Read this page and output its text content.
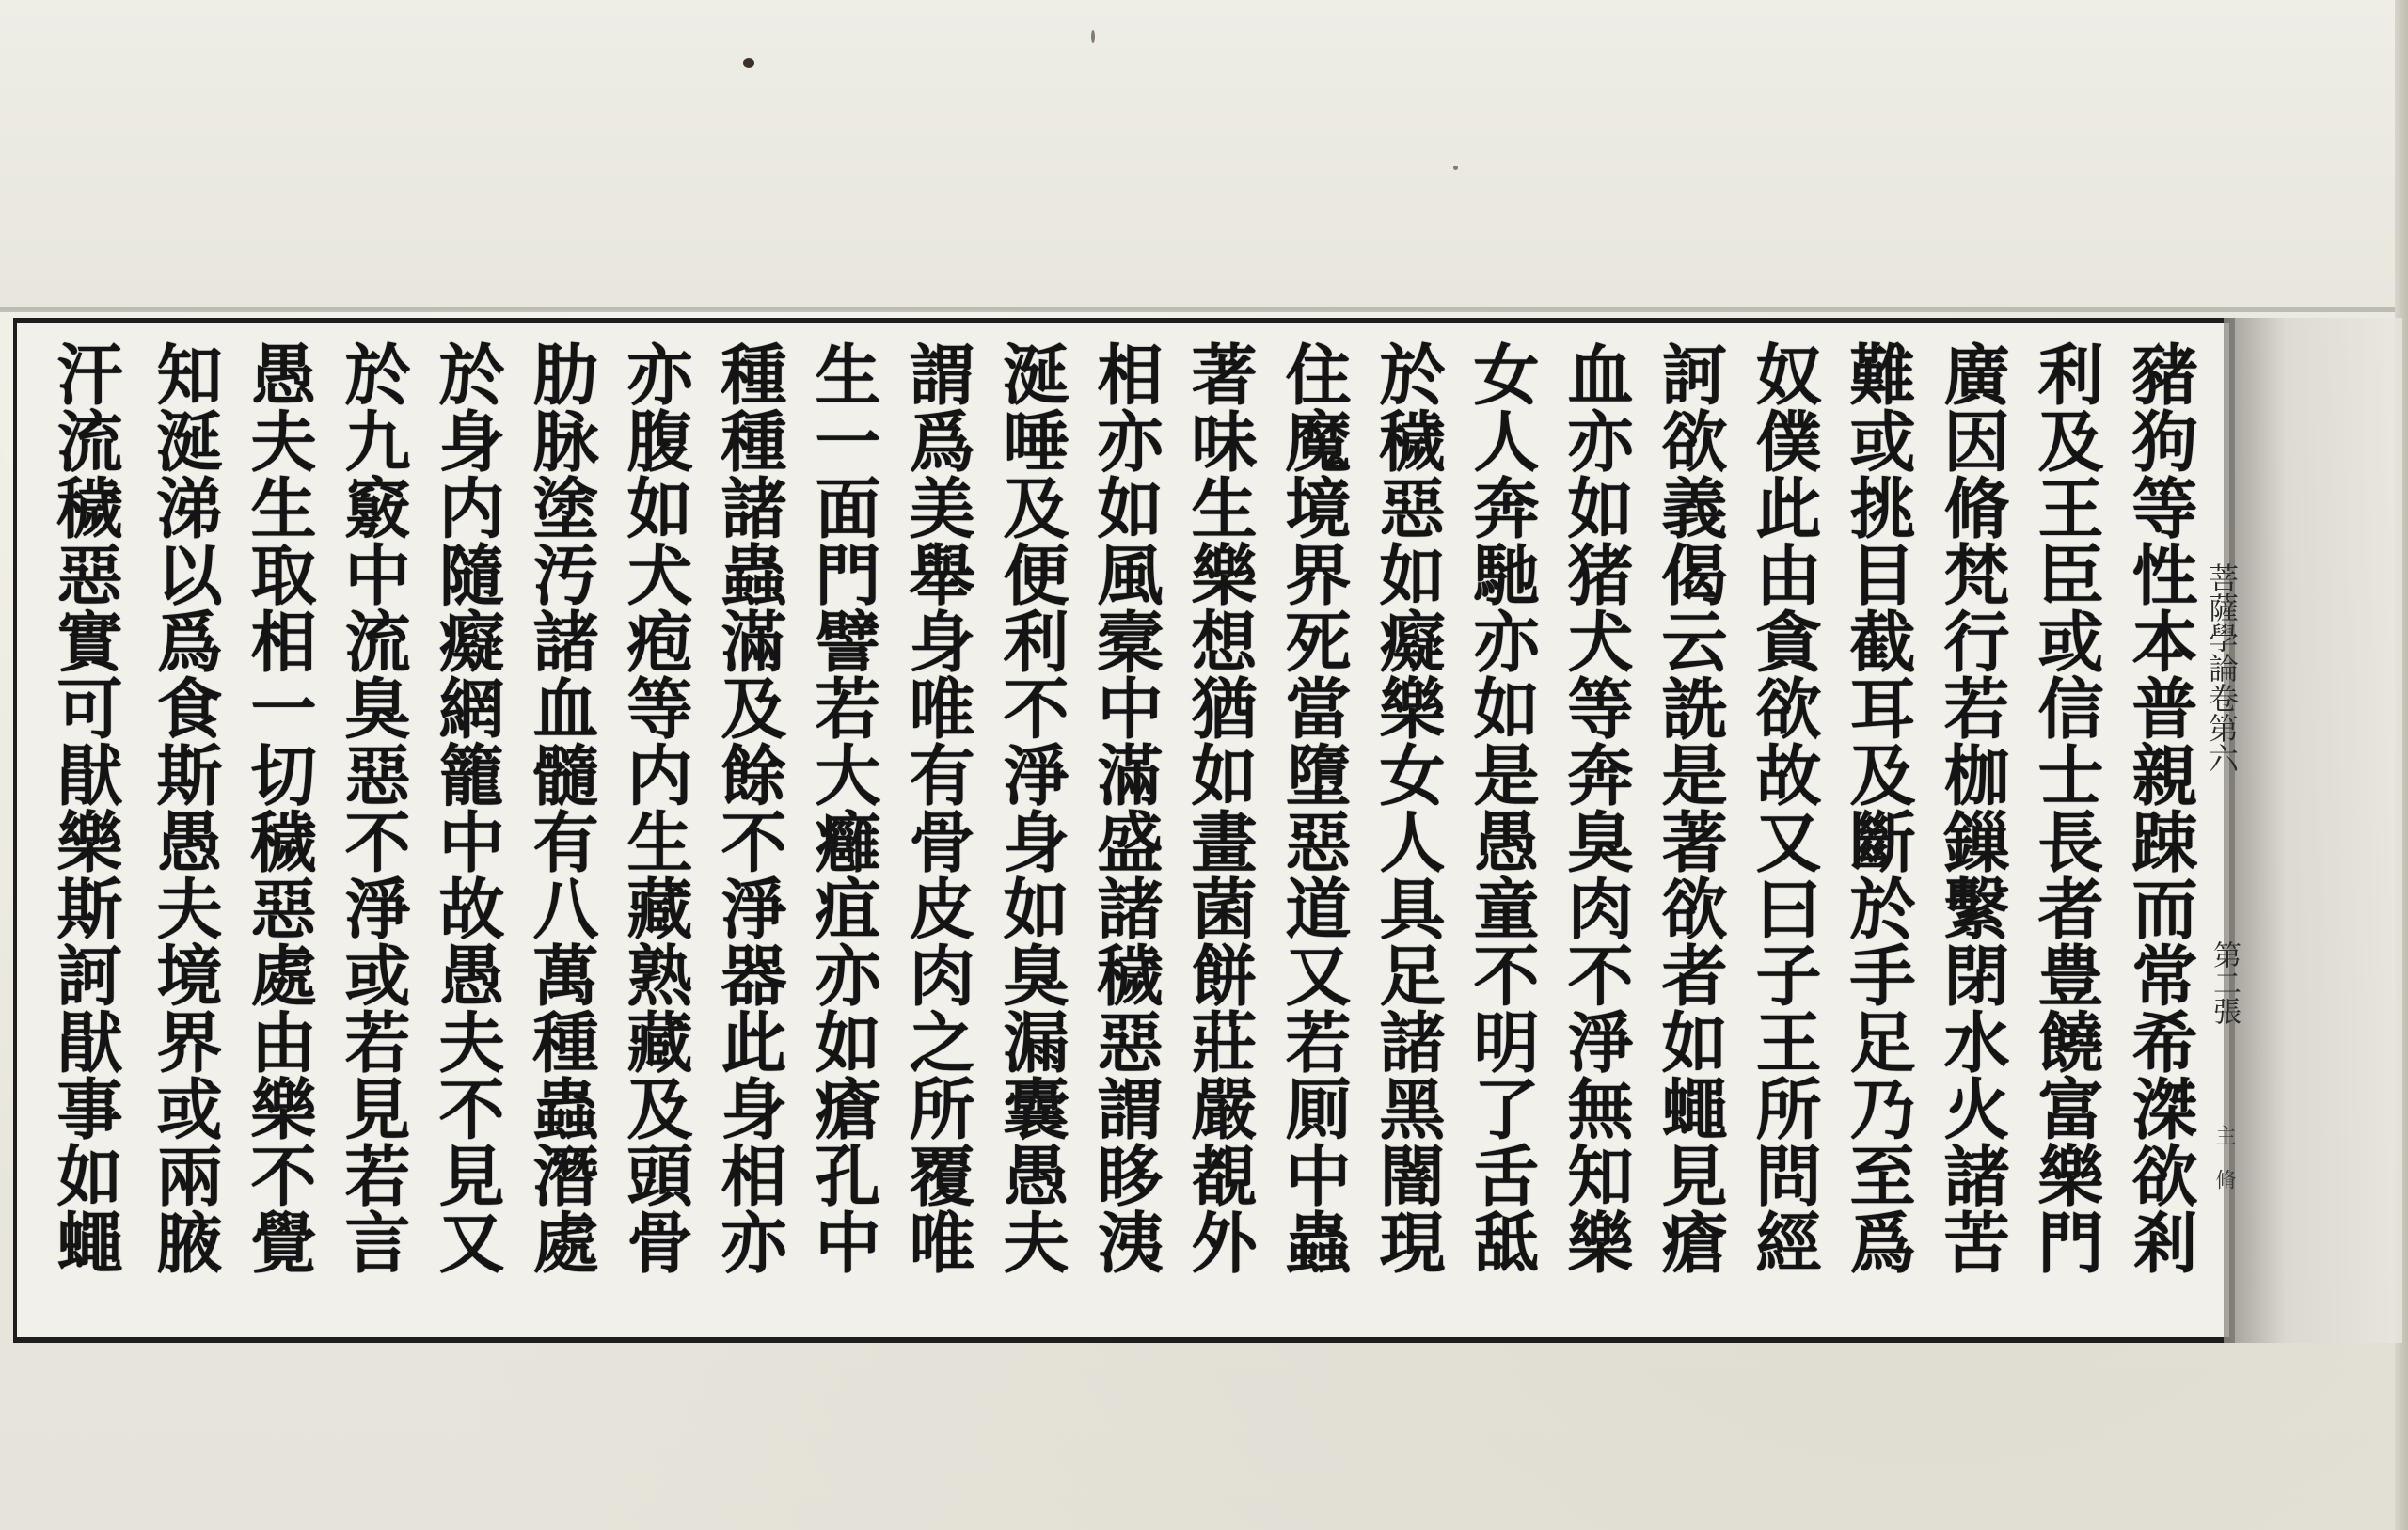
豬狗等性本普親踈而常希滐欲剎

利及王臣或信士長者豊饒富樂門

廣因脩梵行若枷鏁繫閉水火諸苦

難或挑目截耳及斷於手足乃至爲

奴僕此由貪欲故又曰子王所問經

訶欲義偈云詵是著欲者如蠅見瘡

血亦如猪犬等奔臭肉不淨無知樂

女人奔馳亦如是愚童不明了舌䑛

於穢惡如癡樂女人具足諸黑闇現

住魔境界死當墮惡道又若厠中蟲

著味生樂想猶如畫菌餅莊嚴覩外

相亦如風槖中滿盛諸穢惡謂眵洟

涎唾及便利不淨身如臭漏囊愚夫

謂爲美舉身唯有骨皮肉之所覆唯

生一面門譬若大癰疽亦如瘡孔中

種種諸蟲滿及餘不淨器此身相亦

亦腹如犬疱等内生藏熟藏及頭骨

肋脉塗汚諸血髓有八萬種蟲潛處

於身内隨癡網籠中故愚夫不見又

於九竅中流臭惡不淨或若見若言

愚夫生取相一切穢惡處由樂不覺

知涎涕以爲食斯愚夫境界或兩腋

汗流穢惡實可猒樂斯訶猒事如蠅	菩薩學論卷第六
第二張
主 脩
